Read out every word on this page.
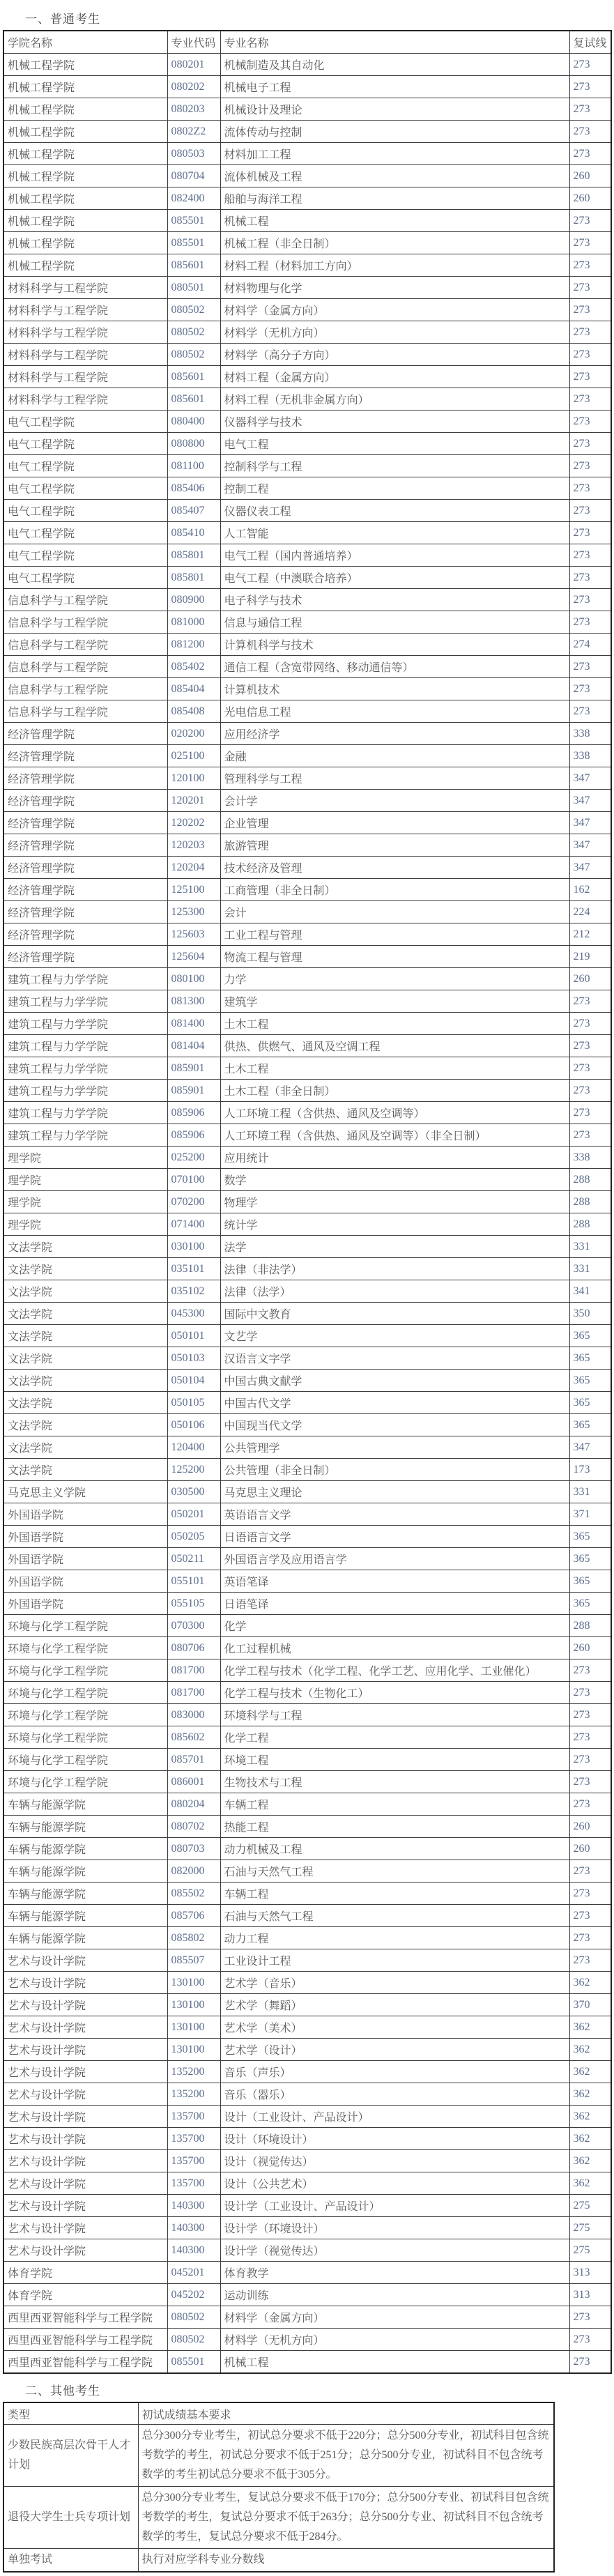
一、普通考生
学院名称	专业代码	专业名称	复试线
机械工程学院	080201	机械制造及其自动化	273
机械工程学院	080202	机械电子工程	273
机械工程学院	080203	机械设计及理论	273
机械工程学院	0802Z2	流体传动与控制	273
机械工程学院	080503	材料加工工程	273
机械工程学院	080704	流体机械及工程	260
机械工程学院	082400	船舶与海洋工程	260
机械工程学院	085501	机械工程	273
机械工程学院	085501	机械工程（非全日制）	273
机械工程学院	085601	材料工程（材料加工方向）	273
材料科学与工程学院	080501	材料物理与化学	273
材料科学与工程学院	080502	材料学（金属方向）	273
材料科学与工程学院	080502	材料学（无机方向）	273
材料科学与工程学院	080502	材料学（高分子方向）	273
材料科学与工程学院	085601	材料工程（金属方向）	273
材料科学与工程学院	085601	材料工程（无机非金属方向）	273
电气工程学院	080400	仪器科学与技术	273
电气工程学院	080800	电气工程	273
电气工程学院	081100	控制科学与工程	273
电气工程学院	085406	控制工程	273
电气工程学院	085407	仪器仪表工程	273
电气工程学院	085410	人工智能	273
电气工程学院	085801	电气工程（国内普通培养）	273
电气工程学院	085801	电气工程（中澳联合培养）	273
信息科学与工程学院	080900	电子科学与技术	273
信息科学与工程学院	081000	信息与通信工程	273
信息科学与工程学院	081200	计算机科学与技术	274
信息科学与工程学院	085402	通信工程（含宽带网络、移动通信等）	273
信息科学与工程学院	085404	计算机技术	273
信息科学与工程学院	085408	光电信息工程	273
经济管理学院	020200	应用经济学	338
经济管理学院	025100	金融	338
经济管理学院	120100	管理科学与工程	347
经济管理学院	120201	会计学	347
经济管理学院	120202	企业管理	347
经济管理学院	120203	旅游管理	347
经济管理学院	120204	技术经济及管理	347
经济管理学院	125100	工商管理（非全日制）	162
经济管理学院	125300	会计	224
经济管理学院	125603	工业工程与管理	212
经济管理学院	125604	物流工程与管理	219
建筑工程与力学学院	080100	力学	260
建筑工程与力学学院	081300	建筑学	273
建筑工程与力学学院	081400	土木工程	273
建筑工程与力学学院	081404	供热、供燃气、通风及空调工程	273
建筑工程与力学学院	085901	土木工程	273
建筑工程与力学学院	085901	土木工程（非全日制）	273
建筑工程与力学学院	085906	人工环境工程（含供热、通风及空调等）	273
建筑工程与力学学院	085906	人工环境工程（含供热、通风及空调等）（非全日制）	273
理学院	025200	应用统计	338
理学院	070100	数学	288
理学院	070200	物理学	288
理学院	071400	统计学	288
文法学院	030100	法学	331
文法学院	035101	法律（非法学）	331
文法学院	035102	法律（法学）	341
文法学院	045300	国际中文教育	350
文法学院	050101	文艺学	365
文法学院	050103	汉语言文字学	365
文法学院	050104	中国古典文献学	365
文法学院	050105	中国古代文学	365
文法学院	050106	中国现当代文学	365
文法学院	120400	公共管理学	347
文法学院	125200	公共管理（非全日制）	173
马克思主义学院	030500	马克思主义理论	331
外国语学院	050201	英语语言文学	371
外国语学院	050205	日语语言文学	365
外国语学院	050211	外国语言学及应用语言学	365
外国语学院	055101	英语笔译	365
外国语学院	055105	日语笔译	365
环境与化学工程学院	070300	化学	288
环境与化学工程学院	080706	化工过程机械	260
环境与化学工程学院	081700	化学工程与技术（化学工程、化学工艺、应用化学、工业催化）	273
环境与化学工程学院	081700	化学工程与技术（生物化工）	273
环境与化学工程学院	083000	环境科学与工程	273
环境与化学工程学院	085602	化学工程	273
环境与化学工程学院	085701	环境工程	273
环境与化学工程学院	086001	生物技术与工程	273
车辆与能源学院	080204	车辆工程	273
车辆与能源学院	080702	热能工程	260
车辆与能源学院	080703	动力机械及工程	260
车辆与能源学院	082000	石油与天然气工程	273
车辆与能源学院	085502	车辆工程	273
车辆与能源学院	085706	石油与天然气工程	273
车辆与能源学院	085802	动力工程	273
艺术与设计学院	085507	工业设计工程	273
艺术与设计学院	130100	艺术学（音乐）	362
艺术与设计学院	130100	艺术学（舞蹈）	370
艺术与设计学院	130100	艺术学（美术）	362
艺术与设计学院	130100	艺术学（设计）	362
艺术与设计学院	135200	音乐（声乐）	362
艺术与设计学院	135200	音乐（器乐）	362
艺术与设计学院	135700	设计（工业设计、产品设计）	362
艺术与设计学院	135700	设计（环境设计）	362
艺术与设计学院	135700	设计（视觉传达）	362
艺术与设计学院	135700	设计（公共艺术）	362
艺术与设计学院	140300	设计学（工业设计、产品设计）	275
艺术与设计学院	140300	设计学（环境设计）	275
艺术与设计学院	140300	设计学（视觉传达）	275
体育学院	045201	体育教学	313
体育学院	045202	运动训练	313
西里西亚智能科学与工程学院	080502	材料学（金属方向）	273
西里西亚智能科学与工程学院	080502	材料学（无机方向）	273
西里西亚智能科学与工程学院	085501	机械工程	273
二、其他考生
类型	初试成绩基本要求
少数民族高层次骨干人才计划	总分300分专业考生，初试总分要求不低于220分；总分500分专业，初试科目包含统考数学的考生，初试总分要求不低于251分；总分500分专业，初试科目不包含统考数学的考生初试总分要求不低于305分。
退役大学生士兵专项计划	总分300分专业考生，复试总分要求不低于170分；总分500分专业、初试科目包含统考数学的考生，复试总分要求不低于263分；总分500分专业、初试科目不包含统考数学的考生，复试总分要求不低于284分。
单独考试	执行对应学科专业分数线
